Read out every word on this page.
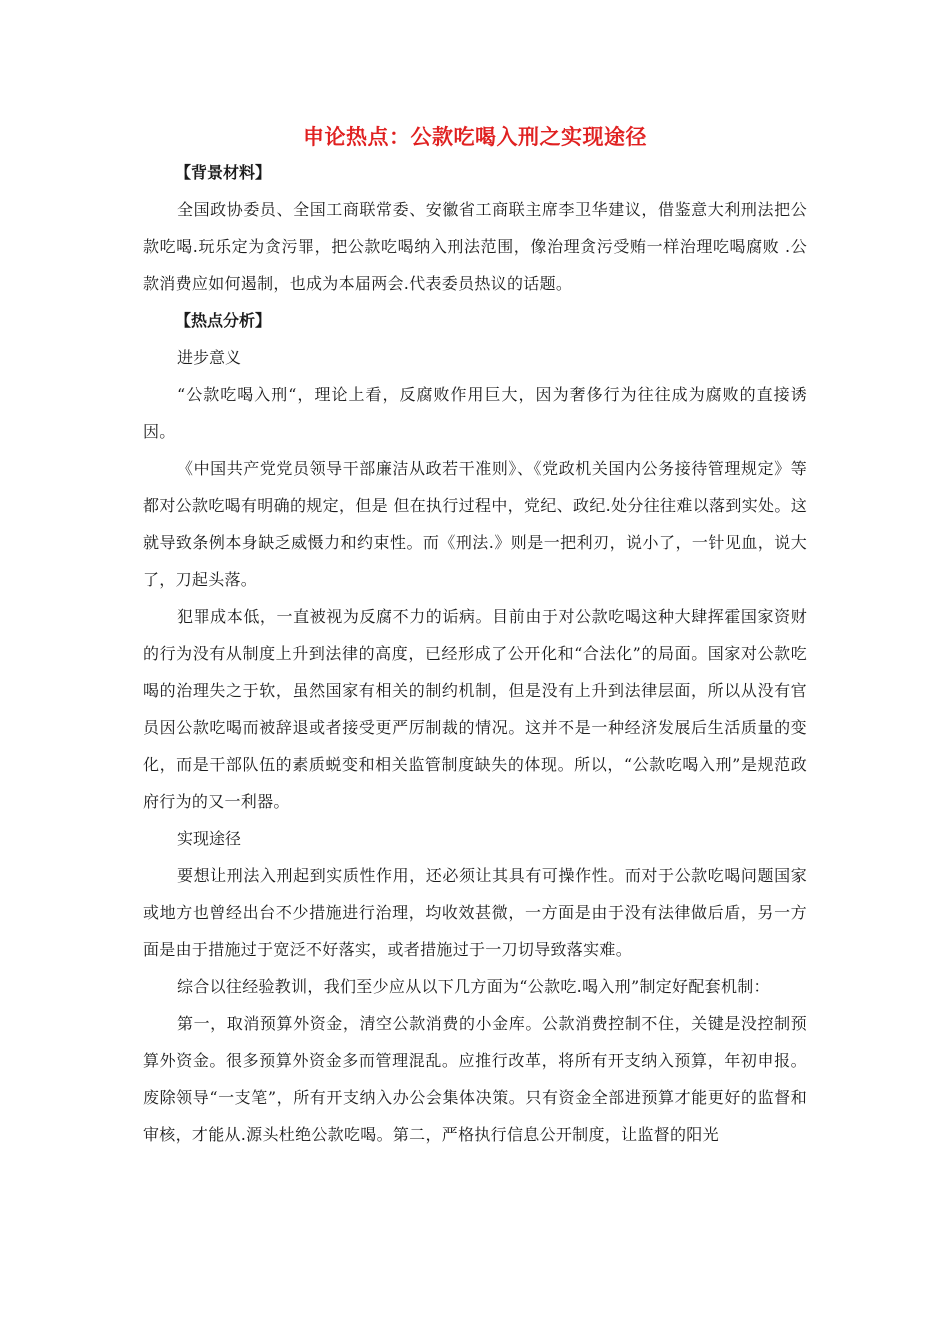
申论热点：公款吃喝入刑之实现途径

【背景材料】

全国政协委员、全国工商联常委、安徽省工商联主席李卫华建议，借鉴意大利刑法把公款吃喝.玩乐定为贪污罪，把公款吃喝纳入刑法范围，像治理贪污受贿一样治理吃喝腐败 .公款消费应如何遏制，也成为本届两会.代表委员热议的话题。

【热点分析】

进步意义

“公款吃喝入刑“，理论上看，反腐败作用巨大，因为奢侈行为往往成为腐败的直接诱因。

《中国共产党党员领导干部廉洁从政若干准则》、《党政机关国内公务接待管理规定》等都对公款吃喝有明确的规定，但是 但在执行过程中，党纪、政纪.处分往往难以落到实处。这就导致条例本身缺乏威慑力和约束性。而《刑法.》则是一把利刃，说小了，一针见血，说大了，刀起头落。

犯罪成本低，一直被视为反腐不力的诟病。目前由于对公款吃喝这种大肆挥霍国家资财的行为没有从制度上升到法律的高度，已经形成了公开化和“合法化”的局面。国家对公款吃喝的治理失之于软，虽然国家有相关的制约机制，但是没有上升到法律层面，所以从没有官员因公款吃喝而被辞退或者接受更严厉制裁的情况。这并不是一种经济发展后生活质量的变化，而是干部队伍的素质蜕变和相关监管制度缺失的体现。所以，“公款吃喝入刑”是规范政府行为的又一利器。

实现途径

要想让刑法入刑起到实质性作用，还必须让其具有可操作性。而对于公款吃喝问题国家或地方也曾经出台不少措施进行治理，均收效甚微，一方面是由于没有法律做后盾，另一方面是由于措施过于宽泛不好落实，或者措施过于一刀切导致落实难。

综合以往经验教训，我们至少应从以下几方面为“公款吃.喝入刑”制定好配套机制：

第一，取消预算外资金，清空公款消费的小金库。公款消费控制不住，关键是没控制预算外资金。很多预算外资金多而管理混乱。应推行改革，将所有开支纳入预算，年初申报。废除领导“一支笔”，所有开支纳入办公会集体决策。只有资金全部进预算才能更好的监督和审核，才能从.源头杜绝公款吃喝。第二，严格执行信息公开制度，让监督的阳光
